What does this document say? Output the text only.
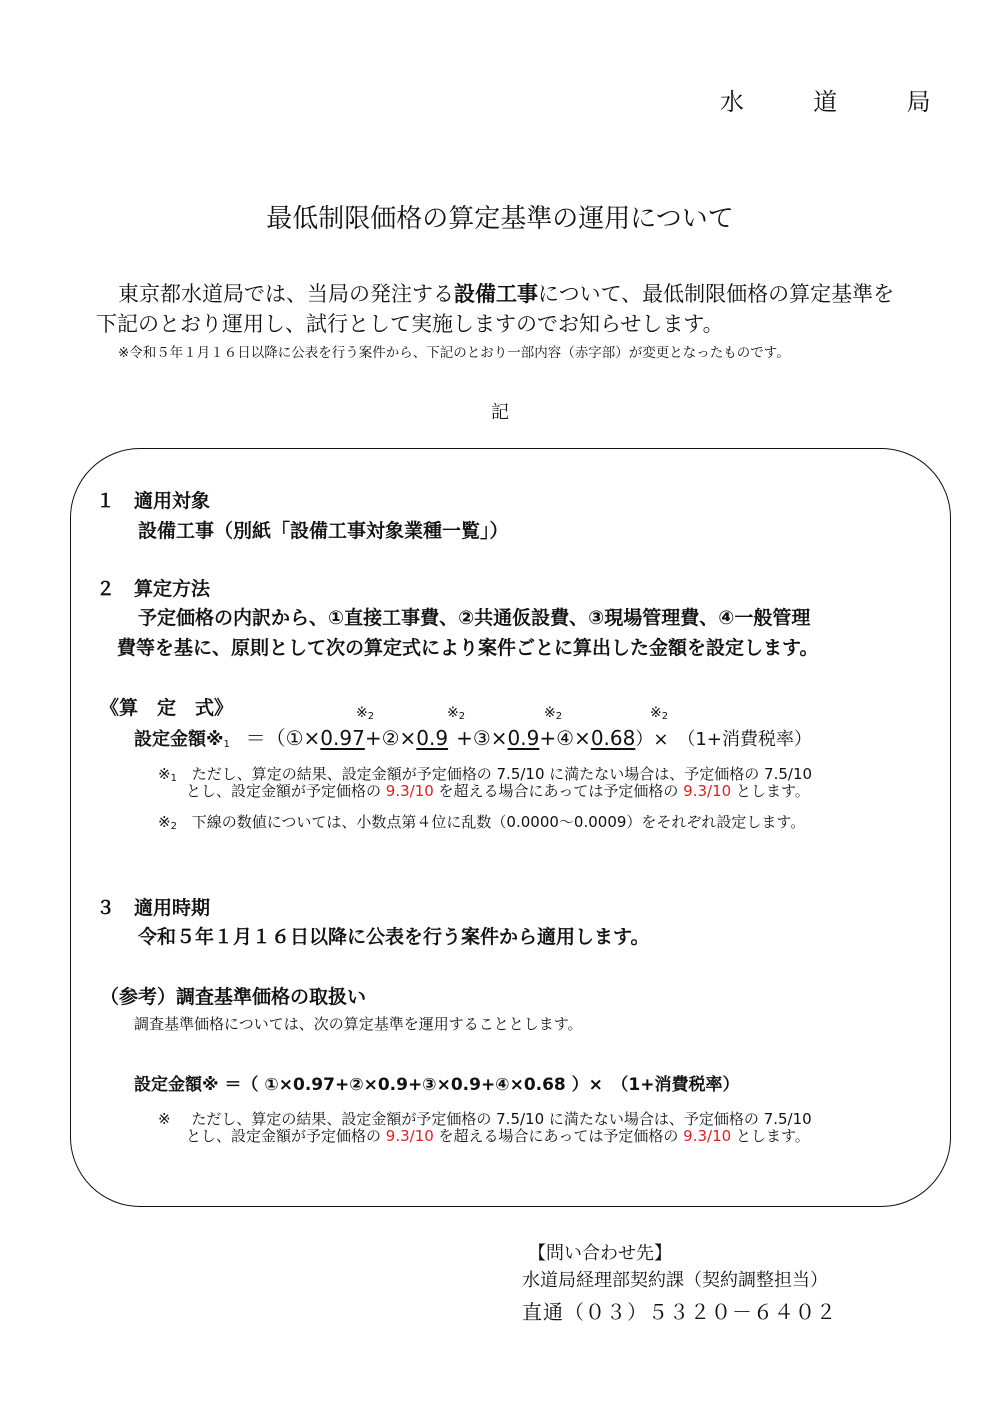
水	道	局
最低制限価格の算定基準の運用について
東京都水道局では、当局の発注する設備工事について、最低制限価格の算定基準を
下記のとおり運用し、試行として実施しますのでお知らせします。
※令和５年１月１６日以降に公表を行う案件から、下記のとおり一部内容（赤字部）が変更となったものです。
記
１　適用対象
設備工事（別紙「設備工事対象業種一覧」）
２　算定方法
予定価格の内訳から、①直接工事費、②共通仮設費、③現場管理費、④一般管理
費等を基に、原則として次の算定式により案件ごとに算出した金額を設定します。
《算　定　式》	$※_2$	$※_2$	$※_2$	$※_2$
設定金額$※_1$ ＝（①×0.97+②×0.9 +③×0.9+④×0.68）×　（1+消費税率）
$※_1$ ただし、算定の結果、設定金額が予定価格の 7.5/10 に満たない場合は、予定価格の 7.5/10
とし、設定金額が予定価格の 9.3/10 を超える場合にあっては予定価格の 9.3/10 とします。
$※_2$ 下線の数値については、小数点第４位に乱数（0.0000～0.0009）をそれぞれ設定します。
３　適用時期
令和５年１月１６日以降に公表を行う案件から適用します。
（参考）調査基準価格の取扱い
調査基準価格については、次の算定基準を運用することとします。
設定金額※ ＝（ ①×0.97+②×0.9+③×0.9+④×0.68 ）×　（1+消費税率）
※ ただし、算定の結果、設定金額が予定価格の 7.5/10 に満たない場合は、予定価格の 7.5/10
とし、設定金額が予定価格の 9.3/10 を超える場合にあっては予定価格の 9.3/10 とします。
【問い合わせ先】
水道局経理部契約課（契約調整担当）
直通（０３）５３２０－６４０２
